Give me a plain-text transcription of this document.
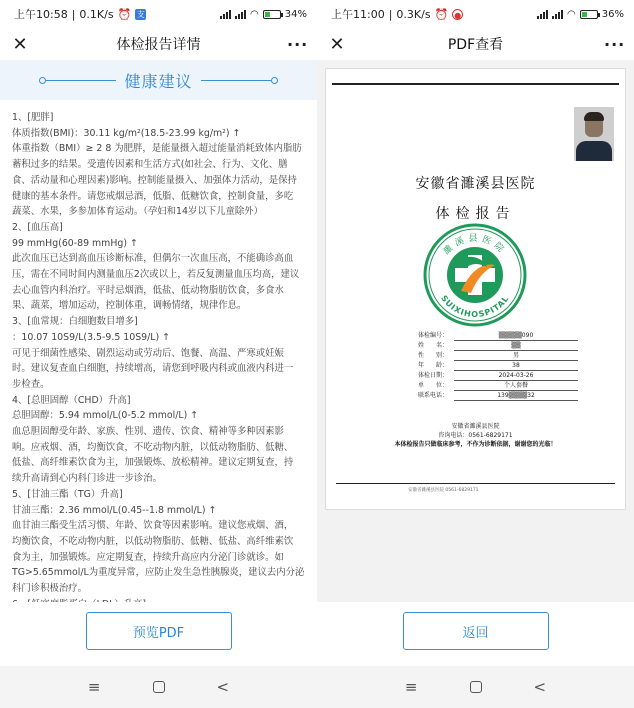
上午10:58 | 0.1K/s ⏰ 支	◠	34%
✕	体检报告详情	···
健康建议
1、[肥胖]
体质指数(BMI)：30.11 kg/m²(18.5-23.99 kg/m²) ↑
体重指数（BMI）≥ 2 8 为肥胖，是能量摄入超过能量消耗致体内脂肪
蓄积过多的结果。受遗传因素和生活方式(如社会、行为、文化、膳
食、活动量和心理因素)影响。控制能量摄入、加强体力活动，是保持
健康的基本条件。请您戒烟忌酒，低脂、低糖饮食，控制食量，多吃
蔬菜、水果，多参加体育运动。（孕妇和14岁以下儿童除外）
2、[血压高]
99 mmHg(60-89 mmHg) ↑
此次血压已达到高血压诊断标准，但偶尔一次血压高，不能确诊高血
压，需在不同时间内测量血压2次或以上，若反复测量血压均高，建议
去心血管内科治疗。平时忌烟酒，低盐、低动物脂肪饮食，多食水
果、蔬菜，增加运动，控制体重，调畅情绪，规律作息。
3、[血常规：白细胞数目增多]
：10.07 10S9/L(3.5-9.5 10S9/L) ↑
可见于细菌性感染、剧烈运动或劳动后、饱餐、高温、严寒或妊娠
时。建议复查血白细胞，持续增高，请您到呼吸内科或血液内科进一
步检查。
4、[总胆固醇（CHD）升高]
总胆固醇：5.94 mmol/L(0-5.2 mmol/L) ↑
血总胆固醇受年龄、家族、性别、遗传、饮食、精神等多种因素影
响。应戒烟、酒，均衡饮食，不吃动物内脏，以低动物脂肪、低糖、
低盐、高纤维素饮食为主，加强锻炼、放松精神。建议定期复查，持
续升高请到心内科门诊进一步诊治。
5、[甘油三酯（TG）升高]
甘油三酯：2.36 mmol/L(0.45--1.8 mmol/L) ↑
血甘油三酯受生活习惯、年龄、饮食等因素影响。建议您戒烟、酒，
均衡饮食，不吃动物内脏，以低动物脂肪、低糖、低盐、高纤维素饮
食为主，加强锻炼。应定期复查，持续升高应内分泌门诊就诊。如
TG>5.65mmol/L为重度异常，应防止发生急性胰腺炎，建议去内分泌
科门诊积极治疗。
预览PDF
≡	<
上午11:00 | 0.3K/s ⏰ ●	◠	36%
✕	PDF查看	···
安徽省濉溪县医院
体检报告
濉溪县医院
SUIXIHOSPITAL
体检编号：	▒▒▒▒▒090
姓　　名：	▒▒
性　　别：	男
年　　龄：	38
体检日期：	2024-03-26
单　　位：	个人套餐
联系电话：	139▒▒▒▒32
安徽省濉溪县医院
咨询电话：0561-6829171
本体检报告只做临床参考，不作为诊断依据，谢谢您的光临！
安徽省濉溪县医院 0561-6829171
返回
≡	<
